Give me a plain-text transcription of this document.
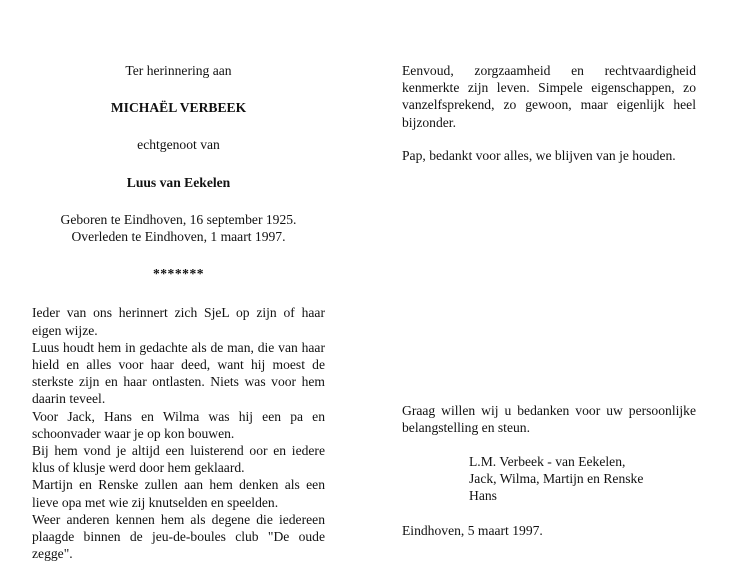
Ter herinnering aan

MICHAËL VERBEEK

echtgenoot van

Luus van Eekelen

Geboren te Eindhoven, 16 september 1925.

Overleden te Eindhoven, 1 maart 1997.

*******

Ieder van ons herinnert zich SjeL op zijn of haar eigen wijze.

Luus houdt hem in gedachte als de man, die van haar hield en alles voor haar deed, want hij moest de sterkste zijn en haar ontlasten. Niets was voor hem daarin teveel.

Voor Jack, Hans en Wilma was hij een pa en schoonvader waar je op kon bouwen.

Bij hem vond je altijd een luisterend oor en iedere klus of klusje werd door hem geklaard.

Martijn en Renske zullen aan hem denken als een lieve opa met wie zij knutselden en speelden.

Weer anderen kennen hem als degene die iedereen plaagde binnen de jeu-de-boules club "De oude zegge".

Eenvoud, zorgzaamheid en rechtvaardigheid kenmerkte zijn leven. Simpele eigenschappen, zo vanzelfsprekend, zo gewoon, maar eigenlijk heel bijzonder.

Pap, bedankt voor alles, we blijven van je houden.

Graag willen wij u bedanken voor uw persoonlijke belangstelling en steun.

L.M. Verbeek - van Eekelen,

Jack, Wilma, Martijn en Renske

Hans

Eindhoven, 5 maart 1997.
